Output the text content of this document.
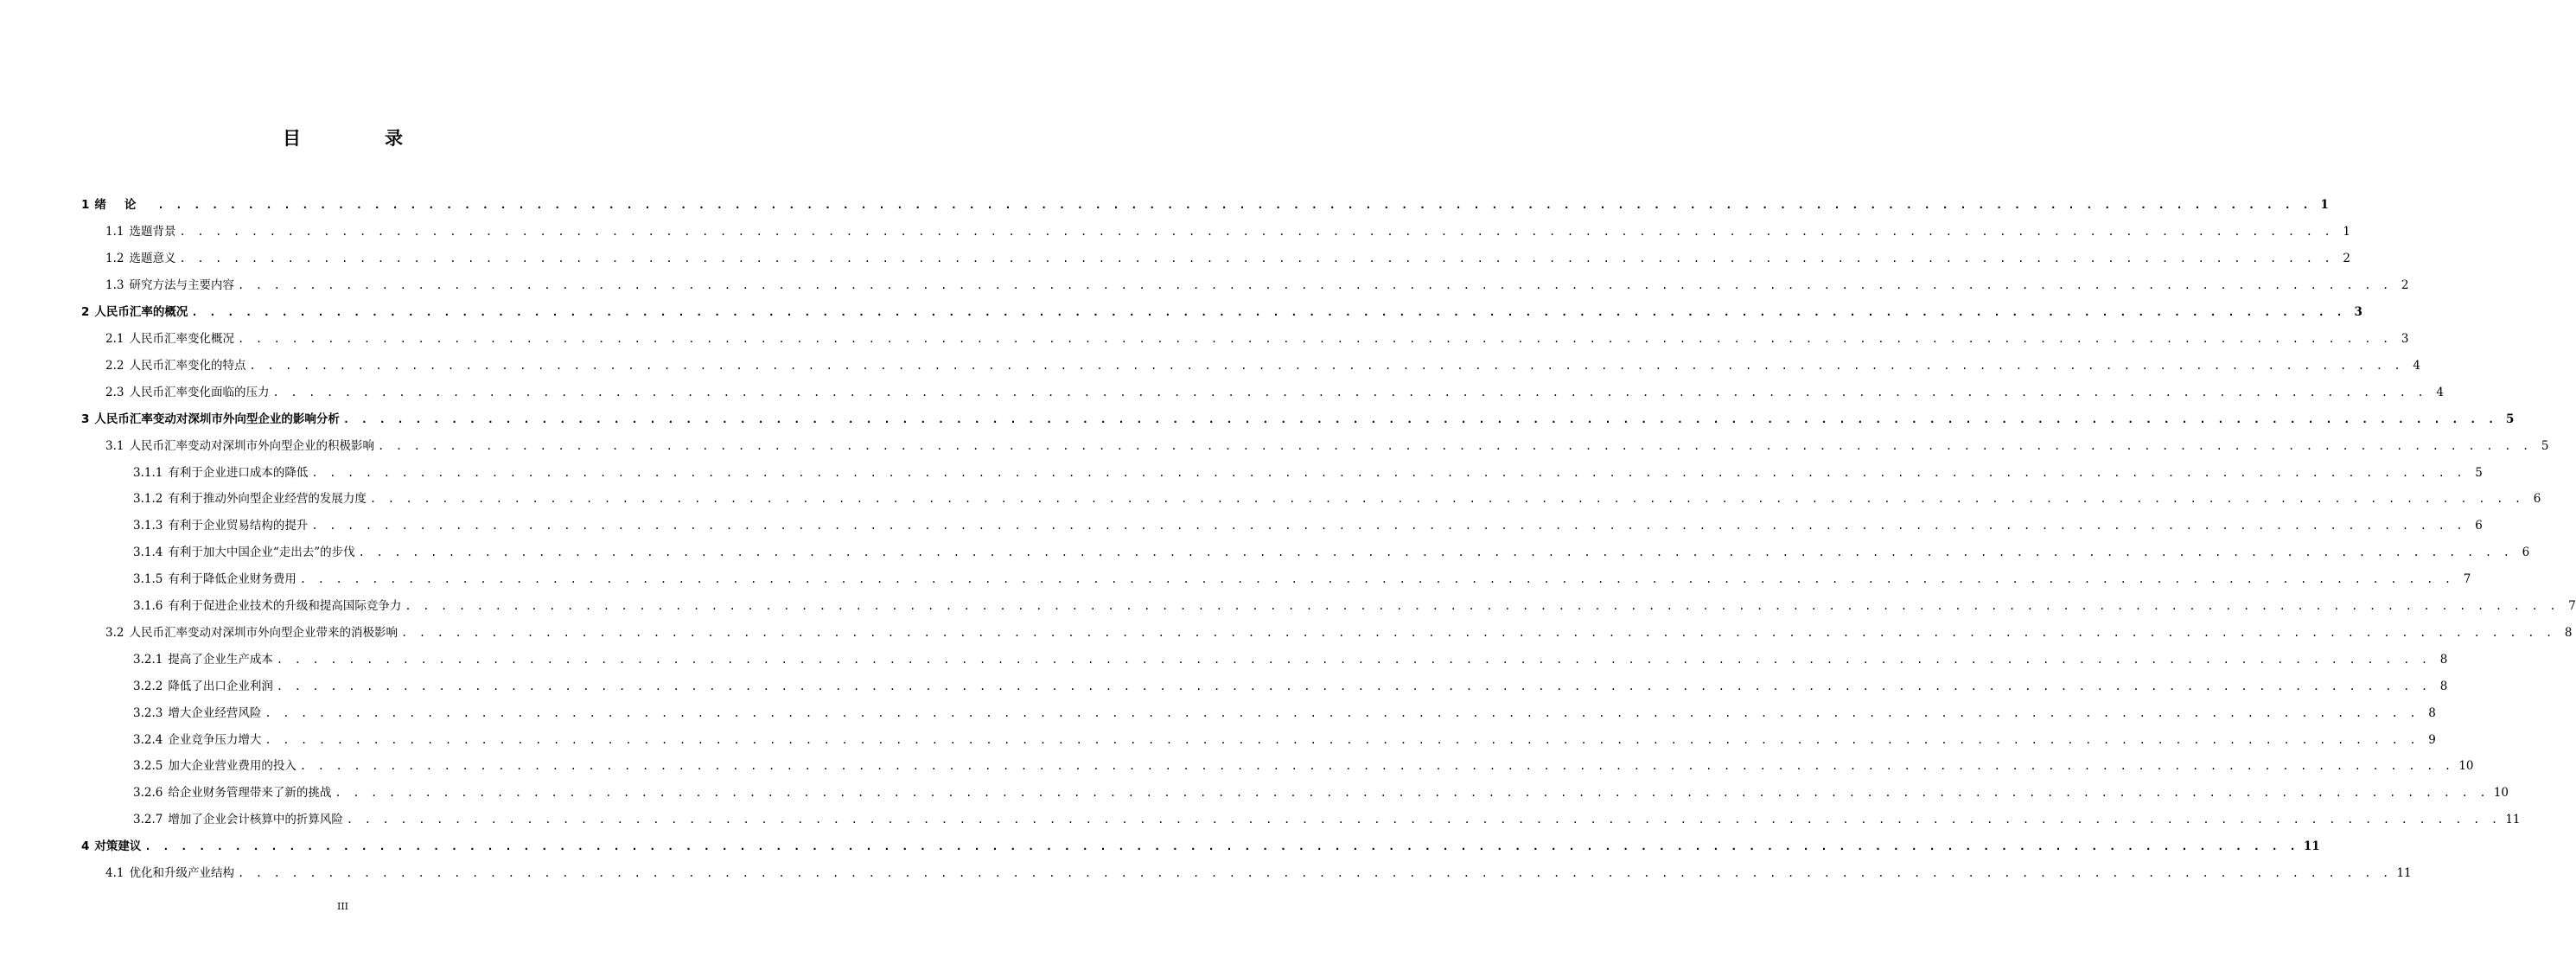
目　录
1 绪论 . . . . . . . . . . . . . . . . . . . . . . . . . . . . . . . . . . . . . . . . . . . . . . . . . . . . . . . . . . . . . . . . . . . . . . . . . . . . . . . . . . . . . . . . . . . . . . . . . . . . . . . . . . . . . . . . . . . . . . . . 1
1.1 选题背景 . . . . . . . . . . . . . . . . . . . . . . . . . . . . . . . . . . . . . . . . . . . . . . . . . . . . . . . . . . . . . . . . . . . . . . . . . . . . . . . . . . . . . . . . . . . . . . . . . . . . . . . . . . . . . . . . . . . . . . . . 1
1.2 选题意义 . . . . . . . . . . . . . . . . . . . . . . . . . . . . . . . . . . . . . . . . . . . . . . . . . . . . . . . . . . . . . . . . . . . . . . . . . . . . . . . . . . . . . . . . . . . . . . . . . . . . . . . . . . . . . . . . . . . . . . . . 2
1.3 研究方法与主要内容 . . . . . . . . . . . . . . . . . . . . . . . . . . . . . . . . . . . . . . . . . . . . . . . . . . . . . . . . . . . . . . . . . . . . . . . . . . . . . . . . . . . . . . . . . . . . . . . . . . . . . . . . . . . . . . . . . . . . . . . . 2
2 人民币汇率的概况 . . . . . . . . . . . . . . . . . . . . . . . . . . . . . . . . . . . . . . . . . . . . . . . . . . . . . . . . . . . . . . . . . . . . . . . . . . . . . . . . . . . . . . . . . . . . . . . . . . . . . . . . . . . . . . . . . . . . . . . . 3
2.1 人民币汇率变化概况 . . . . . . . . . . . . . . . . . . . . . . . . . . . . . . . . . . . . . . . . . . . . . . . . . . . . . . . . . . . . . . . . . . . . . . . . . . . . . . . . . . . . . . . . . . . . . . . . . . . . . . . . . . . . . . . . . . . . . . . . 3
2.2 人民币汇率变化的特点 . . . . . . . . . . . . . . . . . . . . . . . . . . . . . . . . . . . . . . . . . . . . . . . . . . . . . . . . . . . . . . . . . . . . . . . . . . . . . . . . . . . . . . . . . . . . . . . . . . . . . . . . . . . . . . . . . . . . . . . . 4
2.3 人民币汇率变化面临的压力 . . . . . . . . . . . . . . . . . . . . . . . . . . . . . . . . . . . . . . . . . . . . . . . . . . . . . . . . . . . . . . . . . . . . . . . . . . . . . . . . . . . . . . . . . . . . . . . . . . . . . . . . . . . . . . . . . . . . . . . . 4
3 人民币汇率变动对深圳市外向型企业的影响分析 . . . . . . . . . . . . . . . . . . . . . . . . . . . . . . . . . . . . . . . . . . . . . . . . . . . . . . . . . . . . . . . . . . . . . . . . . . . . . . . . . . . . . . . . . . . . . . . . . . . . . . . . . . . . . . . . . . . . . . . . 5
3.1 人民币汇率变动对深圳市外向型企业的积极影响 . . . . . . . . . . . . . . . . . . . . . . . . . . . . . . . . . . . . . . . . . . . . . . . . . . . . . . . . . . . . . . . . . . . . . . . . . . . . . . . . . . . . . . . . . . . . . . . . . . . . . . . . . . . . . . . . . . . . . . . . 5
3.1.1 有利于企业进口成本的降低 . . . . . . . . . . . . . . . . . . . . . . . . . . . . . . . . . . . . . . . . . . . . . . . . . . . . . . . . . . . . . . . . . . . . . . . . . . . . . . . . . . . . . . . . . . . . . . . . . . . . . . . . . . . . . . . . . . . . . . . . 5
3.1.2 有利于推动外向型企业经营的发展力度 . . . . . . . . . . . . . . . . . . . . . . . . . . . . . . . . . . . . . . . . . . . . . . . . . . . . . . . . . . . . . . . . . . . . . . . . . . . . . . . . . . . . . . . . . . . . . . . . . . . . . . . . . . . . . . . . . . . . . . . . 6
3.1.3 有利于企业贸易结构的提升 . . . . . . . . . . . . . . . . . . . . . . . . . . . . . . . . . . . . . . . . . . . . . . . . . . . . . . . . . . . . . . . . . . . . . . . . . . . . . . . . . . . . . . . . . . . . . . . . . . . . . . . . . . . . . . . . . . . . . . . . 6
3.1.4 有利于加大中国企业“走出去”的步伐 . . . . . . . . . . . . . . . . . . . . . . . . . . . . . . . . . . . . . . . . . . . . . . . . . . . . . . . . . . . . . . . . . . . . . . . . . . . . . . . . . . . . . . . . . . . . . . . . . . . . . . . . . . . . . . . . . . . . . . . . 6
3.1.5 有利于降低企业财务费用 . . . . . . . . . . . . . . . . . . . . . . . . . . . . . . . . . . . . . . . . . . . . . . . . . . . . . . . . . . . . . . . . . . . . . . . . . . . . . . . . . . . . . . . . . . . . . . . . . . . . . . . . . . . . . . . . . . . . . . . . 7
3.1.6 有利于促进企业技术的升级和提高国际竞争力 . . . . . . . . . . . . . . . . . . . . . . . . . . . . . . . . . . . . . . . . . . . . . . . . . . . . . . . . . . . . . . . . . . . . . . . . . . . . . . . . . . . . . . . . . . . . . . . . . . . . . . . . . . . . . . . . . . . . . . . . 7
3.2 人民币汇率变动对深圳市外向型企业带来的消极影响 . . . . . . . . . . . . . . . . . . . . . . . . . . . . . . . . . . . . . . . . . . . . . . . . . . . . . . . . . . . . . . . . . . . . . . . . . . . . . . . . . . . . . . . . . . . . . . . . . . . . . . . . . . . . . . . . . . . . . . . . 8
3.2.1 提高了企业生产成本 . . . . . . . . . . . . . . . . . . . . . . . . . . . . . . . . . . . . . . . . . . . . . . . . . . . . . . . . . . . . . . . . . . . . . . . . . . . . . . . . . . . . . . . . . . . . . . . . . . . . . . . . . . . . . . . . . . . . . . . . 8
3.2.2 降低了出口企业利润 . . . . . . . . . . . . . . . . . . . . . . . . . . . . . . . . . . . . . . . . . . . . . . . . . . . . . . . . . . . . . . . . . . . . . . . . . . . . . . . . . . . . . . . . . . . . . . . . . . . . . . . . . . . . . . . . . . . . . . . . 8
3.2.3 增大企业经营风险 . . . . . . . . . . . . . . . . . . . . . . . . . . . . . . . . . . . . . . . . . . . . . . . . . . . . . . . . . . . . . . . . . . . . . . . . . . . . . . . . . . . . . . . . . . . . . . . . . . . . . . . . . . . . . . . . . . . . . . . . 8
3.2.4 企业竞争压力增大 . . . . . . . . . . . . . . . . . . . . . . . . . . . . . . . . . . . . . . . . . . . . . . . . . . . . . . . . . . . . . . . . . . . . . . . . . . . . . . . . . . . . . . . . . . . . . . . . . . . . . . . . . . . . . . . . . . . . . . . . 9
3.2.5 加大企业营业费用的投入 . . . . . . . . . . . . . . . . . . . . . . . . . . . . . . . . . . . . . . . . . . . . . . . . . . . . . . . . . . . . . . . . . . . . . . . . . . . . . . . . . . . . . . . . . . . . . . . . . . . . . . . . . . . . . . . . . . . . . . . . 10
3.2.6 给企业财务管理带来了新的挑战 . . . . . . . . . . . . . . . . . . . . . . . . . . . . . . . . . . . . . . . . . . . . . . . . . . . . . . . . . . . . . . . . . . . . . . . . . . . . . . . . . . . . . . . . . . . . . . . . . . . . . . . . . . . . . . . . . . . . . . . . 10
3.2.7 增加了企业会计核算中的折算风险 . . . . . . . . . . . . . . . . . . . . . . . . . . . . . . . . . . . . . . . . . . . . . . . . . . . . . . . . . . . . . . . . . . . . . . . . . . . . . . . . . . . . . . . . . . . . . . . . . . . . . . . . . . . . . . . . . . . . . . . . 11
4 对策建议 . . . . . . . . . . . . . . . . . . . . . . . . . . . . . . . . . . . . . . . . . . . . . . . . . . . . . . . . . . . . . . . . . . . . . . . . . . . . . . . . . . . . . . . . . . . . . . . . . . . . . . . . . . . . . . . . . . . . . . . . 11
4.1 优化和升级产业结构 . . . . . . . . . . . . . . . . . . . . . . . . . . . . . . . . . . . . . . . . . . . . . . . . . . . . . . . . . . . . . . . . . . . . . . . . . . . . . . . . . . . . . . . . . . . . . . . . . . . . . . . . . . . . . . . . . . . . . . . . 11
III
